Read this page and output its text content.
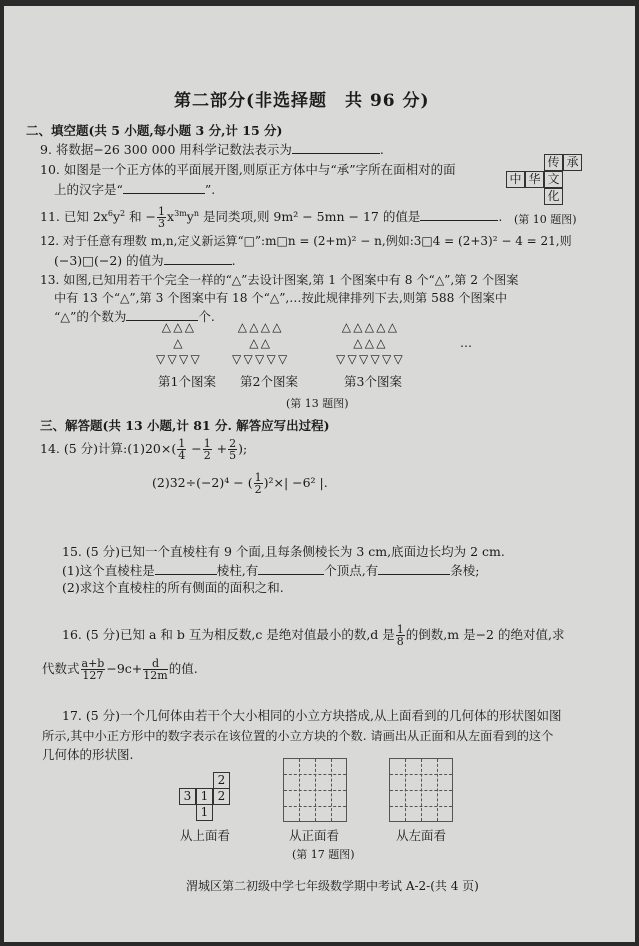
第二部分(非选择题　共 96 分)
二、填空题(共 5 小题,每小题 3 分,计 15 分)
9. 将数据−26 300 000 用科学记数法表示为	.
10. 如图是一个正方体的平面展开图,则原正方体中与“承”字所在面相对的面
上的汉字是“	”.
传 承
中 华 文
化
(第 10 题图)
11. 已知 $2x^6y^2$ 和 − $\frac{1}{3} x^{3m}y^n$ 是同类项,则 9m² − 5mn − 17 的值是	.
12. 对于任意有理数 m,n,定义新运算“□”:m□n = (2+m)² − n,例如:3□4 = (2+3)² − 4 = 21,则
(−3)□(−2) 的值为	.
13. 如图,已知用若干个完全一样的“△”去设计图案,第 1 个图案中有 8 个“△”,第 2 个图案
中有 13 个“△”,第 3 个图案中有 18 个“△”,…按此规律排列下去,则第 588 个图案中
“△”的个数为	个.
△ △ △
△
▽ ▽ ▽ ▽
△ △ △ △
△ △
▽ ▽ ▽ ▽ ▽
△ △ △ △ △
△ △ △
▽ ▽ ▽ ▽ ▽ ▽
…
第1个图案 第2个图案	第3个图案
(第 13 题图)
三、解答题(共 13 小题,计 81 分. 解答应写出过程)
14. (5 分)计算:(1)20×( $\frac{1}{4} - \frac{1}{2} + \frac{2}{5}$ );
(2)32÷(−2)⁴ − ( $\frac{1}{2} )^2\times| -6^2$ |.
15. (5 分)已知一个直棱柱有 9 个面,且每条侧棱长为 3 cm,底面边长均为 2 cm.
(1)这个直棱柱是	棱柱,有	个顶点,有	条棱;
(2)求这个直棱柱的所有侧面的面积之和.
16. (5 分)已知 a 和 b 互为相反数,c 是绝对值最小的数,d 是 $\frac{1}{8}$ 的倒数,m 是−2 的绝对值,求
代数式 $\frac{a+b}{127} -9c+ \frac{d}{12m}$ 的值.
17. (5 分)一个几何体由若干个大小相同的小立方块搭成,从上面看到的几何体的形状图如图
所示,其中小正方形中的数字表示在该位置的小立方块的个数. 请画出从正面和从左面看到的这个
几何体的形状图.
2
2
3 1
1
从上面看	从正面看	从左面看
(第 17 题图)
渭城区第二初级中学七年级数学期中考试 A-2-(共 4 页)
